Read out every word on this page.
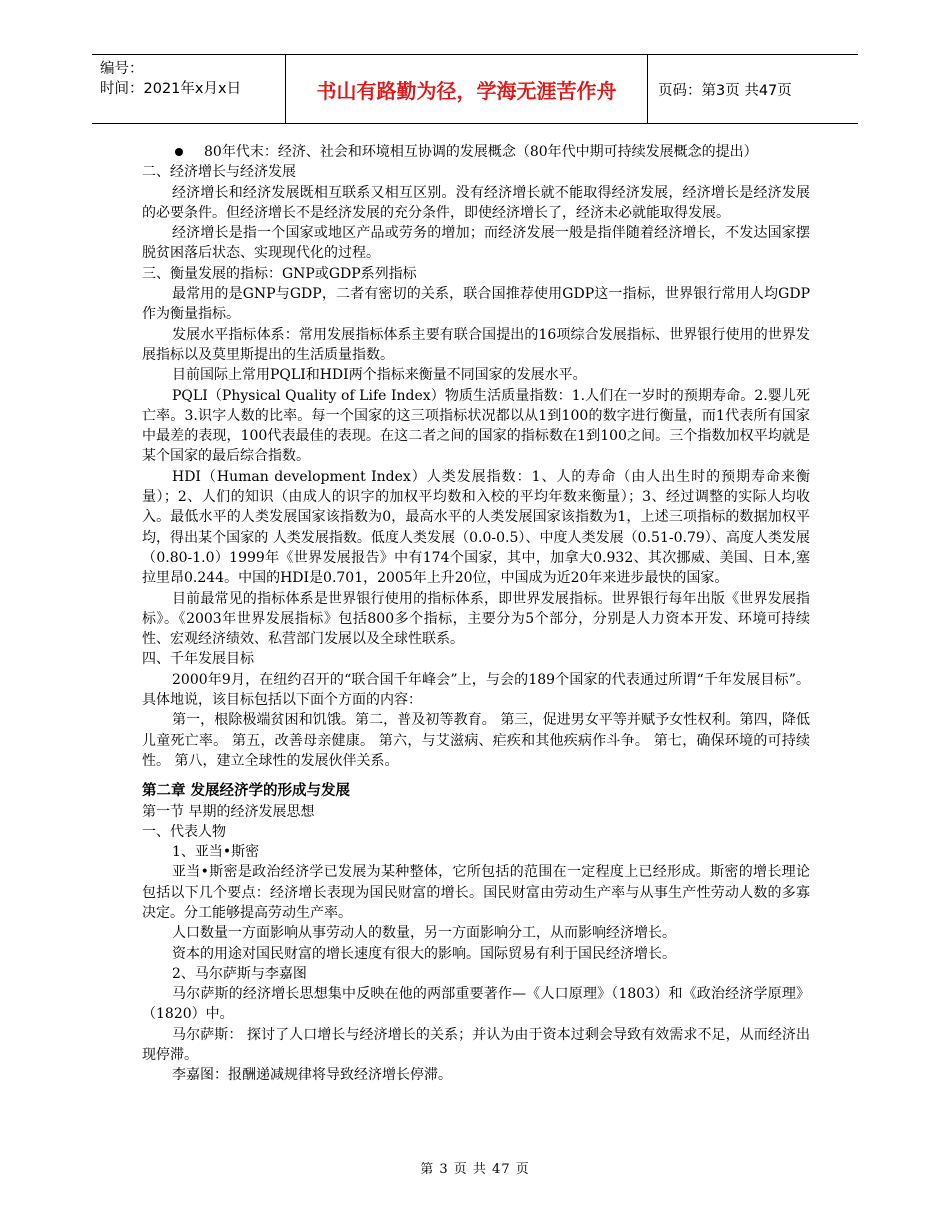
编号：
时间：2021年x月x日	书山有路勤为径，学海无涯苦作舟	页码：第3页 共47页

80年代末：经济、社会和环境相互协调的发展概念（80年代中期可持续发展概念的提出）

二、经济增长与经济发展

经济增长和经济发展既相互联系又相互区别。没有经济增长就不能取得经济发展，经济增长是经济发展的必要条件。但经济增长不是经济发展的充分条件，即使经济增长了，经济未必就能取得发展。

经济增长是指一个国家或地区产品或劳务的增加；而经济发展一般是指伴随着经济增长，不发达国家摆脱贫困落后状态、实现现代化的过程。

三、衡量发展的指标：GNP或GDP系列指标

最常用的是GNP与GDP，二者有密切的关系，联合国推荐使用GDP这一指标，世界银行常用人均GDP作为衡量指标。

发展水平指标体系：常用发展指标体系主要有联合国提出的16项综合发展指标、世界银行使用的世界发展指标以及莫里斯提出的生活质量指数。

目前国际上常用PQLI和HDI两个指标来衡量不同国家的发展水平。

PQLI（Physical Quality of Life Index）物质生活质量指数：1.人们在一岁时的预期寿命。2.婴儿死亡率。3.识字人数的比率。每一个国家的这三项指标状况都以从1到100的数字进行衡量，而1代表所有国家中最差的表现，100代表最佳的表现。在这二者之间的国家的指标数在1到100之间。三个指数加权平均就是某个国家的最后综合指数。

HDI（Human development Index）人类发展指数：1、人的寿命（由人出生时的预期寿命来衡量）；2、人们的知识（由成人的识字的加权平均数和入校的平均年数来衡量）；3、经过调整的实际人均收入。最低水平的人类发展国家该指数为0，最高水平的人类发展国家该指数为1，上述三项指标的数据加权平均，得出某个国家的 人类发展指数。低度人类发展（0.0-0.5）、中度人类发展（0.51-0.79）、高度人类发展（0.80-1.0）1999年《世界发展报告》中有174个国家，其中，加拿大0.932、其次挪威、美国、日本,塞拉里昂0.244。中国的HDI是0.701，2005年上升20位，中国成为近20年来进步最快的国家。

目前最常见的指标体系是世界银行使用的指标体系，即世界发展指标。世界银行每年出版《世界发展指标》。《2003年世界发展指标》包括800多个指标，主要分为5个部分，分别是人力资本开发、环境可持续性、宏观经济绩效、私营部门发展以及全球性联系。

四、千年发展目标

2000年9月，在纽约召开的“联合国千年峰会”上，与会的189个国家的代表通过所谓“千年发展目标”。具体地说，该目标包括以下面个方面的内容：

第一，根除极端贫困和饥饿。第二，普及初等教育。 第三，促进男女平等并赋予女性权利。第四，降低儿童死亡率。 第五，改善母亲健康。 第六，与艾滋病、疟疾和其他疾病作斗争。 第七，确保环境的可持续性。 第八，建立全球性的发展伙伴关系。

第二章 发展经济学的形成与发展

第一节 早期的经济发展思想

一、代表人物

1、亚当•斯密

亚当•斯密是政治经济学已发展为某种整体，它所包括的范围在一定程度上已经形成。斯密的增长理论包括以下几个要点：经济增长表现为国民财富的增长。国民财富由劳动生产率与从事生产性劳动人数的多寡决定。分工能够提高劳动生产率。

人口数量一方面影响从事劳动人的数量，另一方面影响分工，从而影响经济增长。

资本的用途对国民财富的增长速度有很大的影响。国际贸易有利于国民经济增长。

2、马尔萨斯与李嘉图

马尔萨斯的经济增长思想集中反映在他的两部重要著作—《人口原理》（1803）和《政治经济学原理》（1820）中。

马尔萨斯： 探讨了人口增长与经济增长的关系；并认为由于资本过剩会导致有效需求不足，从而经济出现停滞。

李嘉图：报酬递减规律将导致经济增长停滞。

第 3 页 共 47 页
